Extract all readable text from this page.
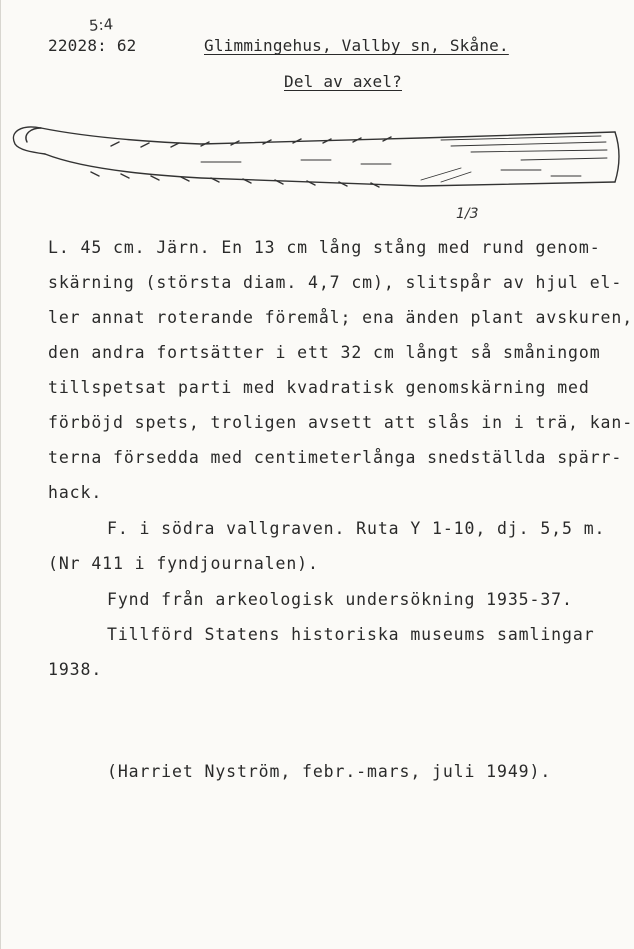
5:4
22028: 62	Glimmingehus, Vallby sn, Skåne.
Del av axel?
1/3
L. 45 cm. Järn. En 13 cm lång stång med rund genom-
skärning (största diam. 4,7 cm), slitspår av hjul el-
ler annat roterande föremål; ena änden plant avskuren,
den andra fortsätter i ett 32 cm långt så småningom
tillspetsat parti med kvadratisk genomskärning med
förböjd spets, troligen avsett att slås in i trä, kan-
terna försedda med centimeterlånga snedställda spärr-
hack.
F. i södra vallgraven. Ruta Y 1-10, dj. 5,5 m.
(Nr 411 i fyndjournalen).
Fynd från arkeologisk undersökning 1935-37.
Tillförd Statens historiska museums samlingar
1938.
(Harriet Nyström, febr.-mars, juli 1949).
